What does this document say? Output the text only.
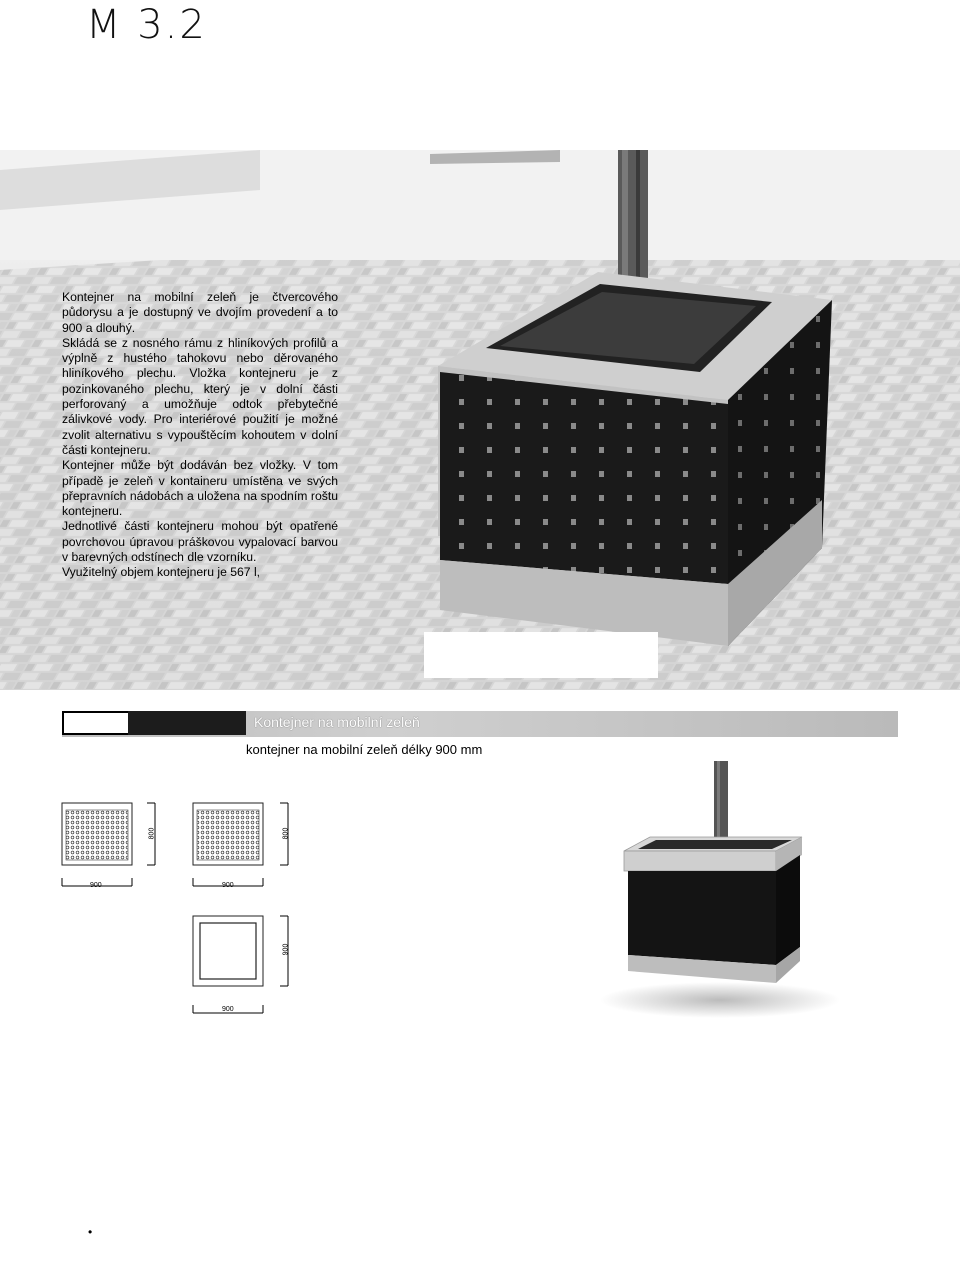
M 3.2

Kontejner na mobilní zeleň je čtvercového půdorysu a je dostupný ve dvojím provedení a to 900 a dlouhý.

Skládá se z nosného rámu z hliníkových profilů a výplně z hustého tahokovu nebo děrovaného hliníkového plechu. Vložka kontejneru je z pozinkovaného plechu, který je v dolní části perforovaný a umožňuje odtok přebytečné zálivkové vody. Pro interiérové použití je možné zvolit alternativu s vypouštěcím kohoutem v dolní části kontejneru.

Kontejner může být dodáván bez vložky. V tom případě je zeleň v kontaineru umístěna ve svých přepravních nádobách a uložena na spodním roštu kontejneru.

Jednotlivé části kontejneru mohou být opatřené povrchovou úpravou práškovou vypalovací barvou v barevných odstínech dle vzorníku.

Využitelný objem kontejneru je 567 l,

Kontejner na mobilní zeleň
kontejner na mobilní zeleň délky 900 mm
900
800
900
800
900
900
•
